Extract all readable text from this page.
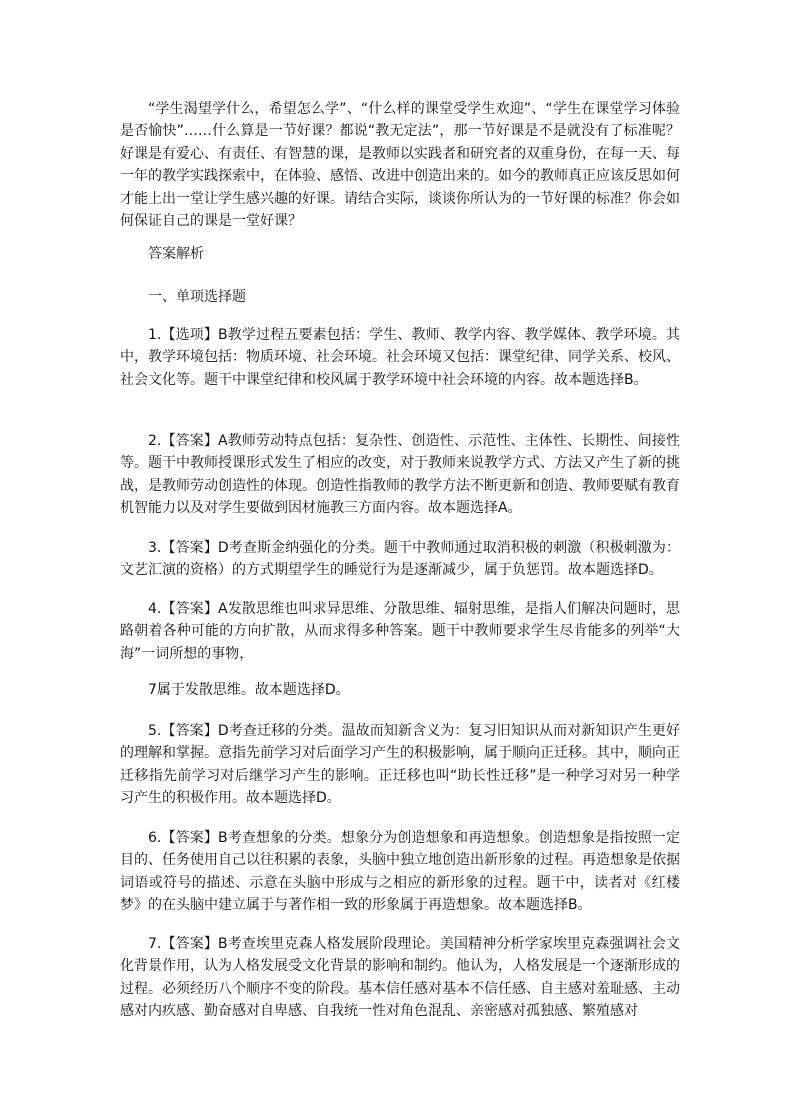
“学生渴望学什么，希望怎么学”、“什么样的课堂受学生欢迎”、“学生在课堂学习体验是否愉快”……什么算是一节好课？都说“教无定法”，那一节好课是不是就没有了标准呢？好课是有爱心、有责任、有智慧的课，是教师以实践者和研究者的双重身份，在每一天、每一年的教学实践探索中，在体验、感悟、改进中创造出来的。如今的教师真正应该反思如何才能上出一堂让学生感兴趣的好课。请结合实际，谈谈你所认为的一节好课的标准？你会如何保证自己的课是一堂好课？

答案解析

一、单项选择题

1.【选项】B教学过程五要素包括：学生、教师、教学内容、教学媒体、教学环境。其中，教学环境包括：物质环境、社会环境。社会环境又包括：课堂纪律、同学关系、校风、社会文化等。题干中课堂纪律和校风属于教学环境中社会环境的内容。故本题选择B。

2.【答案】A教师劳动特点包括：复杂性、创造性、示范性、主体性、长期性、间接性等。题干中教师授课形式发生了相应的改变，对于教师来说教学方式、方法又产生了新的挑战，是教师劳动创造性的体现。创造性指教师的教学方法不断更新和创造、教师要赋有教育机智能力以及对学生要做到因材施教三方面内容。故本题选择A。

3.【答案】D考查斯金纳强化的分类。题干中教师通过取消积极的刺激（积极刺激为：文艺汇演的资格）的方式期望学生的睡觉行为是逐渐减少，属于负惩罚。故本题选择D。

4.【答案】A发散思维也叫求异思维、分散思维、辐射思维，是指人们解决问题时，思路朝着各种可能的方向扩散，从而求得多种答案。题干中教师要求学生尽肯能多的列举“大海”一词所想的事物，

7属于发散思维。故本题选择D。

5.【答案】D考查迁移的分类。温故而知新含义为：复习旧知识从而对新知识产生更好的理解和掌握。意指先前学习对后面学习产生的积极影响，属于顺向正迁移。其中，顺向正迁移指先前学习对后继学习产生的影响。正迁移也叫“助长性迁移”是一种学习对另一种学习产生的积极作用。故本题选择D。

6.【答案】B考查想象的分类。想象分为创造想象和再造想象。创造想象是指按照一定目的、任务使用自己以往积累的表象，头脑中独立地创造出新形象的过程。再造想象是依据词语或符号的描述、示意在头脑中形成与之相应的新形象的过程。题干中，读者对《红楼梦》的在头脑中建立属于与著作相一致的形象属于再造想象。故本题选择B。

7.【答案】B考查埃里克森人格发展阶段理论。美国精神分析学家埃里克森强调社会文化背景作用，认为人格发展受文化背景的影响和制约。他认为，人格发展是一个逐渐形成的过程。必须经历八个顺序不变的阶段。基本信任感对基本不信任感、自主感对羞耻感、主动感对内疚感、勤奋感对自卑感、自我统一性对角色混乱、亲密感对孤独感、繁殖感对
